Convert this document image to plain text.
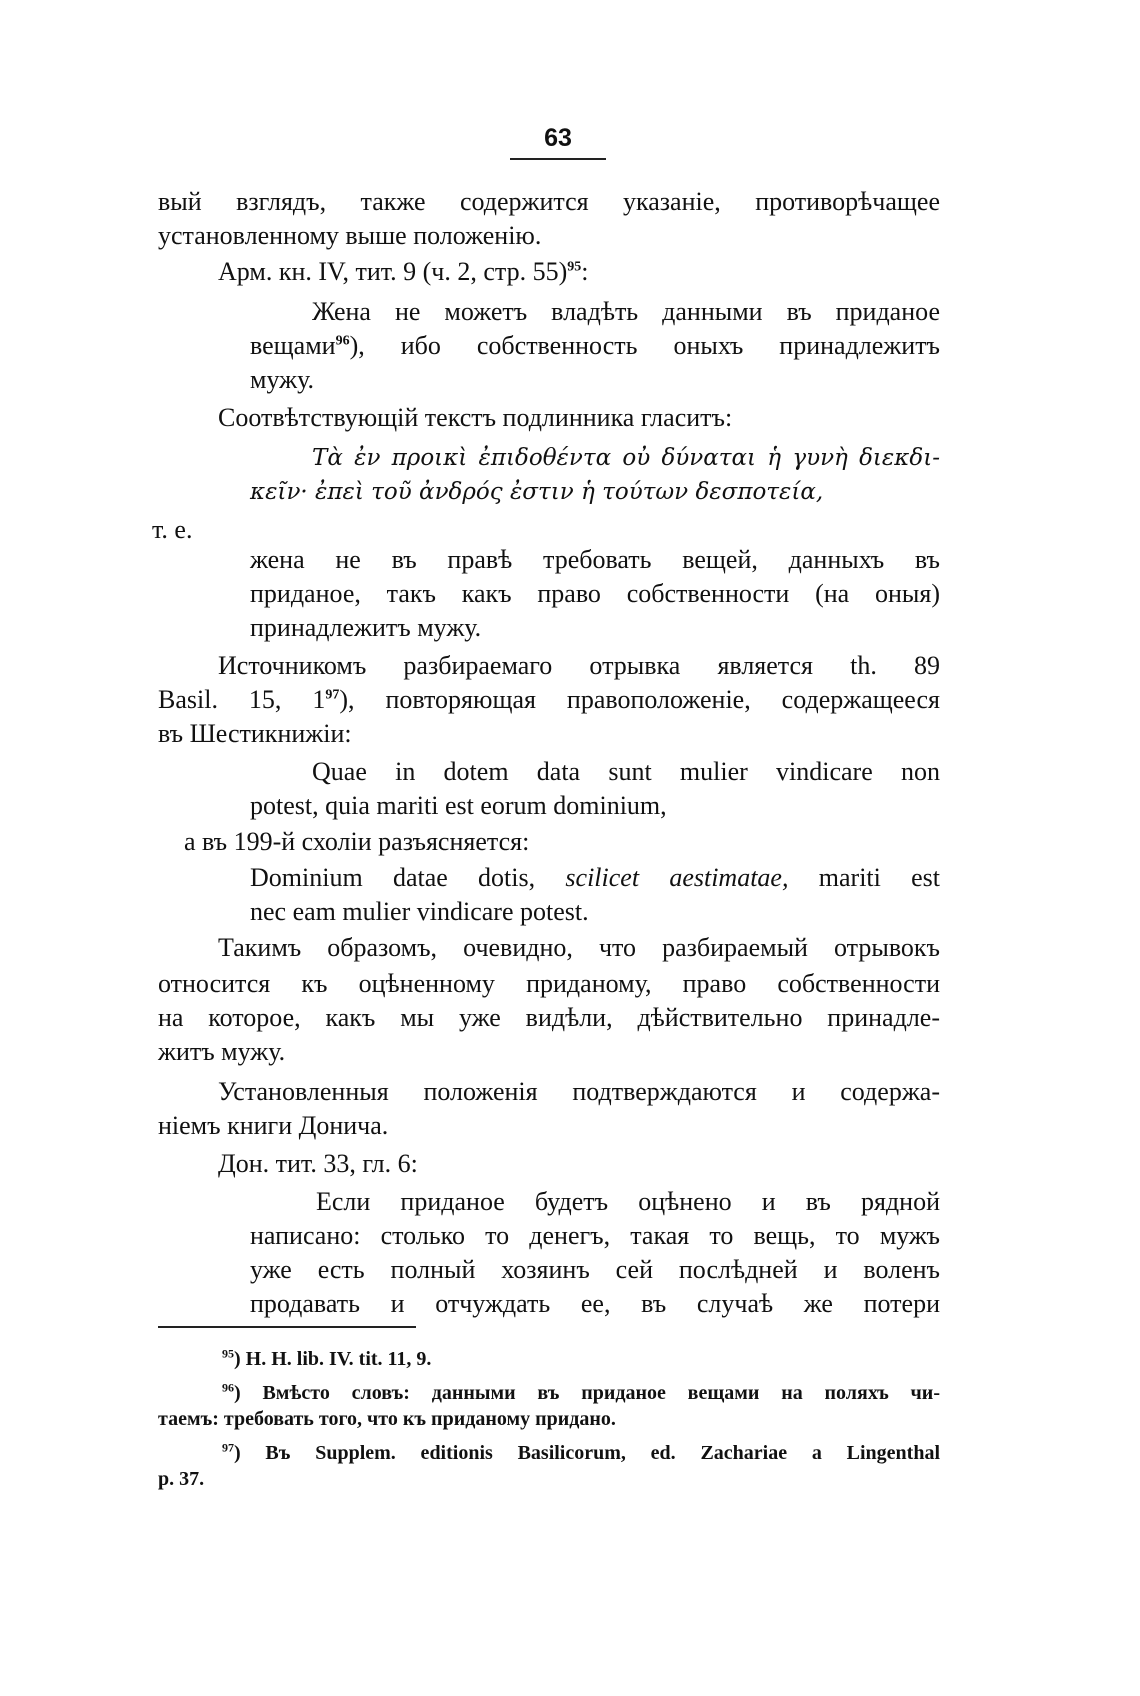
63
вый взглядъ, также содержится указаніе, противорѣчащее
установленному выше положенію.
Арм. кн. IV, тит. 9 (ч. 2, стр. 55)$^{95}$:
Жена не можетъ владѣть данными въ приданое
вещами$^{96}$), ибо собственность оныхъ принадлежитъ
мужу.
Соотвѣтствующій текстъ подлинника гласитъ:
Τὰ ἐν προικὶ ἐπιδοθέντα οὐ δύναται ἡ γυνὴ διεκδι-
κεῖν· ἐπεὶ τοῦ ἀνδρός ἐστιν ἡ τούτων δεσποτεία,
т. е.
жена не въ правѣ требовать вещей, данныхъ въ
приданое, такъ какъ право собственности (на оныя)
принадлежитъ мужу.
Источникомъ разбираемаго отрывка является th. 89
Basil. 15, $1^{97}$), повторяющая правоположеніе, содержащееся
въ Шестикнижіи:
Quae in dotem data sunt mulier vindicare non
potest, quia mariti est eorum dominium,
а въ 199-й схоліи разъясняется:
Dominium datae dotis, scilicet aestimatae, mariti est
nec eam mulier vindicare potest.
Такимъ образомъ, очевидно, что разбираемый отрывокъ
относится къ оцѣненному приданому, право собственности
на которое, какъ мы уже видѣли, дѣйствительно принадле-
житъ мужу.
Установленныя положенія подтверждаются и содержа-
ніемъ книги Донича.
Дон. тит. 33, гл. 6:
Если приданое будетъ оцѣнено и въ рядной
написано: столько то денегъ, такая то вещь, то мужъ
уже есть полный хозяинъ сей послѣдней и воленъ
продавать и отчуждать ее, въ случаѣ же потери
$^{95}$) Н. Н. lib. IV. tit. 11, 9.
$^{96}$) Вмѣсто словъ: данными въ приданое вещами на поляхъ чи-
таемъ: требовать того, что къ приданому придано.
$^{97}$) Въ Supplem. editionis Basilicorum, ed. Zachariae a Lingenthal
p. 37.
